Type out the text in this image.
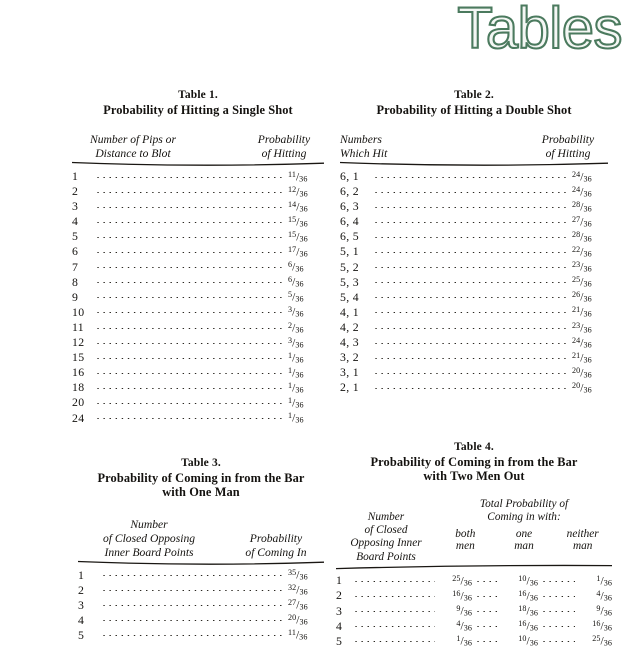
Tables
Table 1.
Probability of Hitting a Single Shot
Number of Pips or
Distance to Blot
Probability
of Hitting
1	$^{11}$/36
2	$^{12}$/36
3	$^{14}$/36
4	$^{15}$/36
5	$^{15}$/36
6	$^{17}$/36
7	$^6$/36
8	$^6$/36
9	$^5$/36
10	$^3$/36
11	$^2$/36
12	$^3$/36
15	$^1$/36
16	$^1$/36
18	$^1$/36
20	$^1$/36
24	$^1$/36
Table 2.
Probability of Hitting a Double Shot
Numbers
Which Hit
Probability
of Hitting
6, 1	$^{24}$/36
6, 2	$^{24}$/36
6, 3	$^{28}$/36
6, 4	$^{27}$/36
6, 5	$^{28}$/36
5, 1	$^{22}$/36
5, 2	$^{23}$/36
5, 3	$^{25}$/36
5, 4	$^{26}$/36
4, 1	$^{21}$/36
4, 2	$^{23}$/36
4, 3	$^{24}$/36
3, 2	$^{21}$/36
3, 1	$^{20}$/36
2, 1	$^{20}$/36
Table 3.
Probability of Coming in from the Bar
with One Man
Number
of Closed Opposing
Inner Board Points
Probability
of Coming In
1	$^{35}$/36
2	$^{32}$/36
3	$^{27}$/36
4	$^{20}$/36
5	$^{11}$/36
Table 4.
Probability of Coming in from the Bar
with Two Men Out
Number
of Closed
Opposing Inner
Board Points
Total Probability of
Coming in with:
both
men
one
man
neither
man
1	$^{25}$/36	$^{10}$/36	$^1$/36
2	$^{16}$/36	$^{16}$/36	$^4$/36
3	$^9$/36	$^{18}$/36	$^9$/36
4	$^4$/36	$^{16}$/36	$^{16}$/36
5	$^1$/36	$^{10}$/36	$^{25}$/36
